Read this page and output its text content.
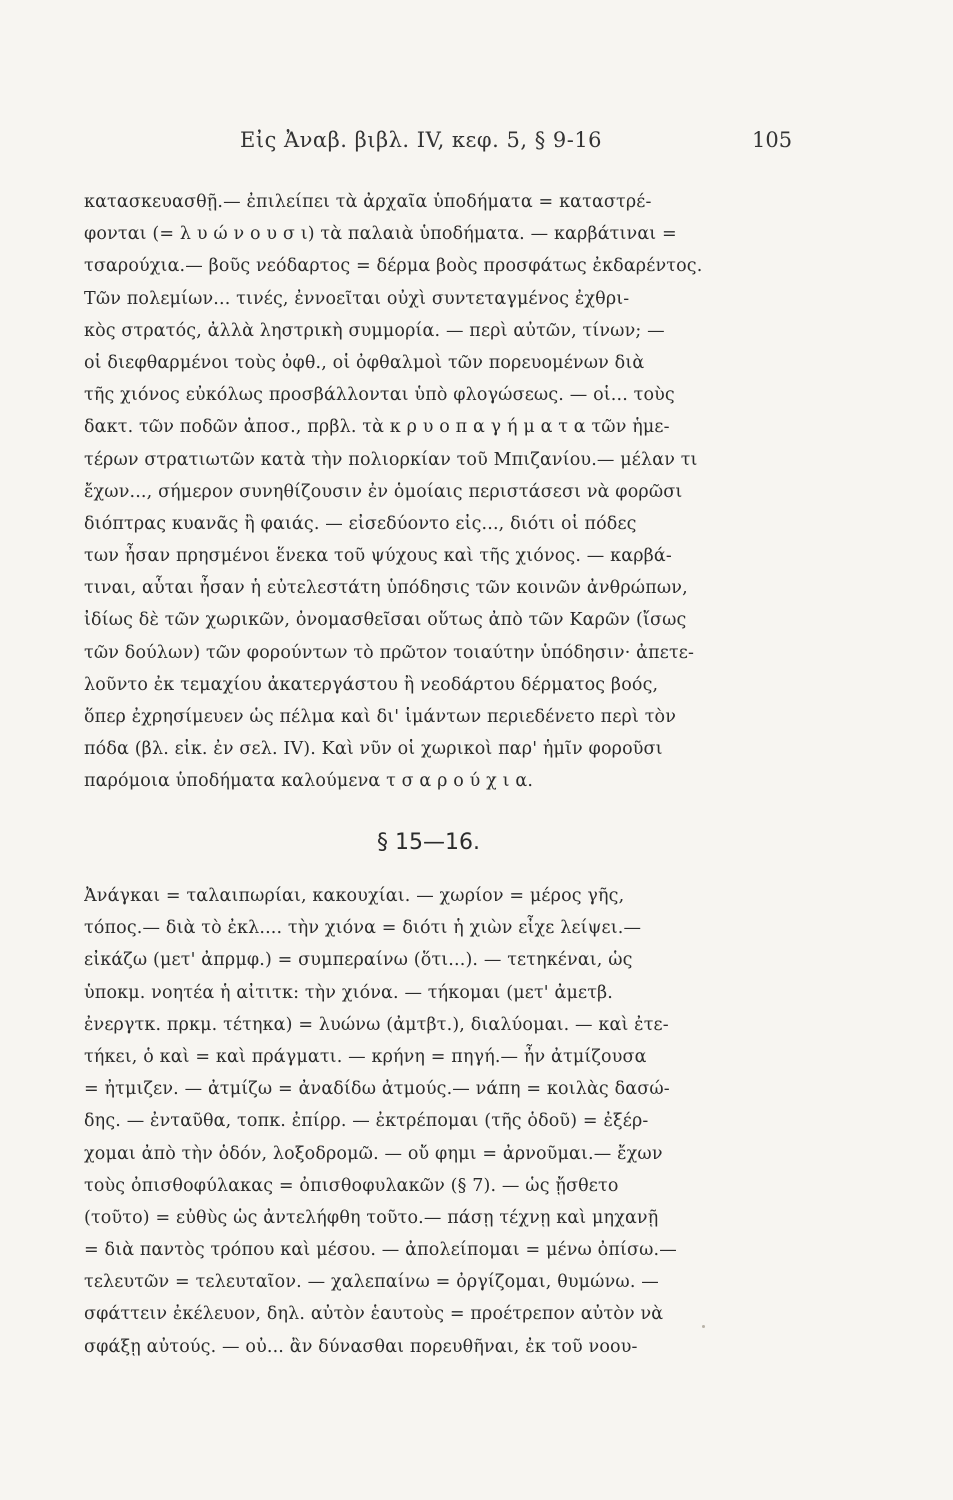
Εἰς Ἀναβ. βιβλ. IV, κεφ. 5, § 9-16	105
κατασκευασθῇ.— ἐπιλείπει τὰ ἀρχαῖα ὑποδήματα = καταστρέ-
φονται (= λ υ ώ ν ο υ σ ι) τὰ παλαιὰ ὑποδήματα. — καρβάτιναι =
τσαρούχια.— βοῦς νεόδαρτος = δέρμα βοὸς προσφάτως ἐκδαρέντος.
Τῶν πολεμίων... τινές, ἐννοεῖται οὐχὶ συντεταγμένος ἐχθρι-
κὸς στρατός, ἀλλὰ ληστρικὴ συμμορία. — περὶ αὐτῶν, τίνων; —
οἱ διεφθαρμένοι τοὺς ὀφθ., οἱ ὀφθαλμοὶ τῶν πορευομένων διὰ
τῆς χιόνος εὐκόλως προσβάλλονται ὑπὸ φλογώσεως. — οἱ... τοὺς
δακτ. τῶν ποδῶν ἀποσ., πρβλ. τὰ κ ρ υ ο π α γ ή μ α τ α τῶν ἡμε-
τέρων στρατιωτῶν κατὰ τὴν πολιορκίαν τοῦ Μπιζανίου.— μέλαν τι
ἔχων..., σήμερον συνηθίζουσιν ἐν ὁμοίαις περιστάσεσι νὰ φορῶσι
διόπτρας κυανᾶς ἢ φαιάς. — εἰσεδύοντο εἰς..., διότι οἱ πόδες
των ἦσαν πρησμένοι ἕνεκα τοῦ ψύχους καὶ τῆς χιόνος. — καρβά-
τιναι, αὗται ἦσαν ἡ εὐτελεστάτη ὑπόδησις τῶν κοινῶν ἀνθρώπων,
ἰδίως δὲ τῶν χωρικῶν, ὀνομασθεῖσαι οὕτως ἀπὸ τῶν Καρῶν (ἴσως
τῶν δούλων) τῶν φορούντων τὸ πρῶτον τοιαύτην ὑπόδησιν· ἀπετε-
λοῦντο ἐκ τεμαχίου ἀκατεργάστου ἢ νεοδάρτου δέρματος βοός,
ὅπερ ἐχρησίμευεν ὡς πέλμα καὶ δι' ἱμάντων περιεδένετο περὶ τὸν
πόδα (βλ. εἰκ. ἐν σελ. IV). Καὶ νῦν οἱ χωρικοὶ παρ' ἡμῖν φοροῦσι
παρόμοια ὑποδήματα καλούμενα τ σ α ρ ο ύ χ ι α.
§ 15—16.
Ἀνάγκαι = ταλαιπωρίαι, κακουχίαι. — χωρίον = μέρος γῆς,
τόπος.— διὰ τὸ ἐκλ.... τὴν χιόνα = διότι ἡ χιὼν εἶχε λείψει.—
εἰκάζω (μετ' ἀπρμφ.) = συμπεραίνω (ὅτι...). — τετηκέναι, ὡς
ὑποκμ. νοητέα ἡ αἰτιτκ: τὴν χιόνα. — τήκομαι (μετ' ἀμετβ.
ἐνεργτκ. πρκμ. τέτηκα) = λυώνω (ἀμτβτ.), διαλύομαι. — καὶ ἐτε-
τήκει, ὁ καὶ = καὶ πράγματι. — κρήνη = πηγή.— ἦν ἀτμίζουσα
= ἠτμιζεν. — ἀτμίζω = ἀναδίδω ἀτμούς.— νάπη = κοιλὰς δασώ-
δης. — ἐνταῦθα, τοπκ. ἐπίρρ. — ἐκτρέπομαι (τῆς ὁδοῦ) = ἐξέρ-
χομαι ἀπὸ τὴν ὁδόν, λοξοδρομῶ. — οὔ φημι = ἀρνοῦμαι.— ἔχων
τοὺς ὀπισθοφύλακας = ὀπισθοφυλακῶν (§ 7). — ὡς ᾔσθετο
(τοῦτο) = εὐθὺς ὡς ἀντελήφθη τοῦτο.— πάσῃ τέχνῃ καὶ μηχανῇ
= διὰ παντὸς τρόπου καὶ μέσου. — ἀπολείπομαι = μένω ὀπίσω.—
τελευτῶν = τελευταῖον. — χαλεπαίνω = ὀργίζομαι, θυμώνω. —
σφάττειν ἐκέλευον, δηλ. αὐτὸν ἑαυτοὺς = προέτρεπον αὐτὸν νὰ
σφάξῃ αὐτούς. — οὐ... ἂν δύνασθαι πορευθῆναι, ἐκ τοῦ νοου-
